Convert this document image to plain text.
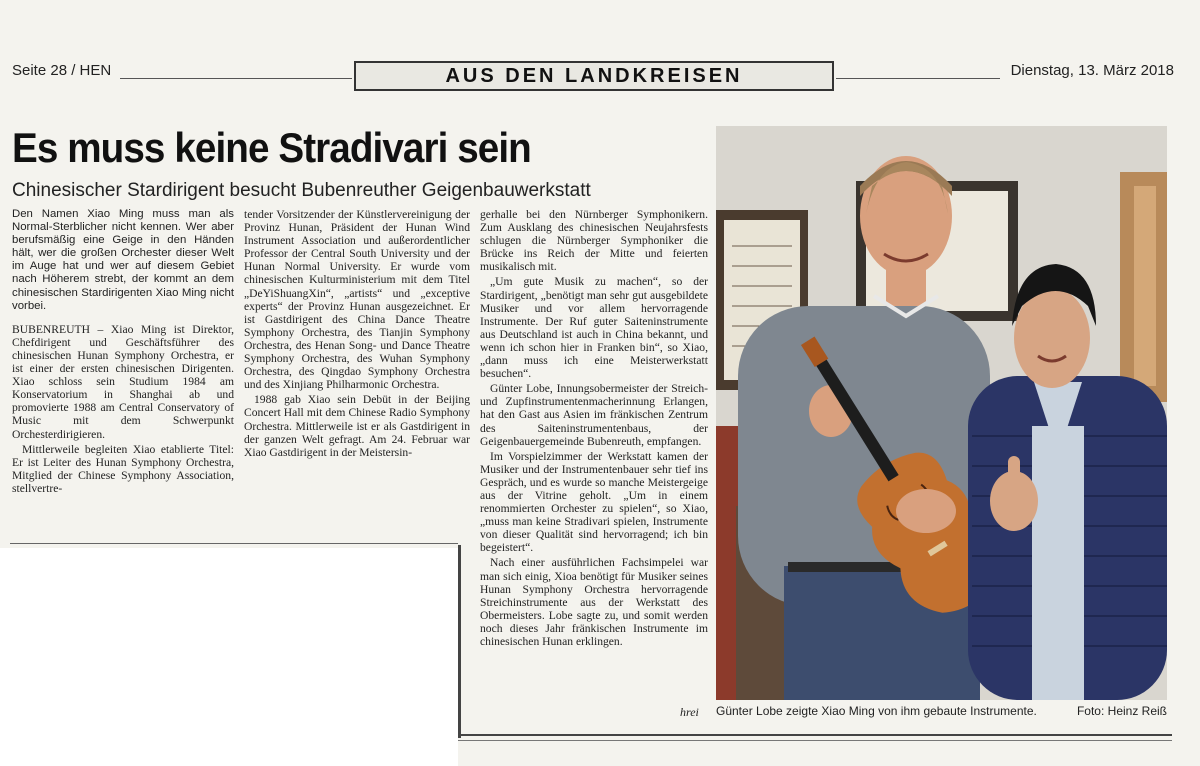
Seite 28 / HEN	AUS DEN LANDKREISEN	Dienstag, 13. März 2018
Es muss keine Stradivari sein
Chinesischer Stardirigent besucht Bubenreuther Geigenbauwerkstatt

Den Namen Xiao Ming muss man als Normal-Sterblicher nicht kennen. Wer aber berufsmäßig eine Geige in den Händen hält, wer die großen Orchester dieser Welt im Auge hat und wer auf diesem Gebiet nach Höherem strebt, der kommt an dem chinesischen Stardirigenten Xiao Ming nicht vorbei.

BUBENREUTH – Xiao Ming ist Direktor, Chefdirigent und Geschäftsführer des chinesischen Hunan Symphony Orchestra, er ist einer der ersten chinesischen Dirigenten. Xiao schloss sein Studium 1984 am Konservatorium in Shanghai ab und promovierte 1988 am Central Conservatory of Music mit dem Schwerpunkt Orchesterdirigieren.

Mittlerweile begleiten Xiao etablierte Titel: Er ist Leiter des Hunan Symphony Orchestra, Mitglied der Chinese Symphony Association, stellvertre-

tender Vorsitzender der Künstlervereinigung der Provinz Hunan, Präsident der Hunan Wind Instrument Association und außerordentlicher Professor der Central South University und der Hunan Normal University. Er wurde vom chinesischen Kulturministerium mit dem Titel „DeYiShuangXin“, „artists“ und „exceptive experts“ der Provinz Hunan ausgezeichnet. Er ist Gastdirigent des China Dance Theatre Symphony Orchestra, des Tianjin Symphony Orchestra, des Henan Song- und Dance Theatre Symphony Orchestra, des Wuhan Symphony Orchestra, des Qingdao Symphony Orchestra und des Xinjiang Philharmonic Orchestra.

1988 gab Xiao sein Debüt in der Beijing Concert Hall mit dem Chinese Radio Symphony Orchestra. Mittlerweile ist er als Gastdirigent in der ganzen Welt gefragt. Am 24. Februar war Xiao Gastdirigent in der Meistersin-

gerhalle bei den Nürnberger Symphonikern. Zum Ausklang des chinesischen Neujahrsfests schlugen die Nürnberger Symphoniker die Brücke ins Reich der Mitte und feierten musikalisch mit.

„Um gute Musik zu machen“, so der Stardirigent, „benötigt man sehr gut ausgebildete Musiker und vor allem hervorragende Instrumente. Der Ruf guter Saiteninstrumente aus Deutschland ist auch in China bekannt, und wenn ich schon hier in Franken bin“, so Xiao, „dann muss ich eine Meisterwerkstatt besuchen“.

Günter Lobe, Innungsobermeister der Streich- und Zupfinstrumentenmacherinnung Erlangen, hat den Gast aus Asien im fränkischen Zentrum des Saiteninstrumentenbaus, der Geigenbauergemeinde Bubenreuth, empfangen.

Im Vorspielzimmer der Werkstatt kamen der Musiker und der Instrumentenbauer sehr tief ins Gespräch, und es wurde so manche Meistergeige aus der Vitrine geholt. „Um in einem renommierten Orchester zu spielen“, so Xiao, „muss man keine Stradivari spielen, Instrumente von dieser Qualität sind hervorragend; ich bin begeistert“.

Nach einer ausführlichen Fachsimpelei war man sich einig, Xioa benötigt für Musiker seines Hunan Symphony Orchestra hervorragende Streichinstrumente aus der Werkstatt des Obermeisters. Lobe sagte zu, und somit werden noch dieses Jahr fränkischen Instrumente im chinesischen Hunan erklingen.

hrei Günter Lobe zeigte Xiao Ming von ihm gebaute Instrumente.	Foto: Heinz Reiß
